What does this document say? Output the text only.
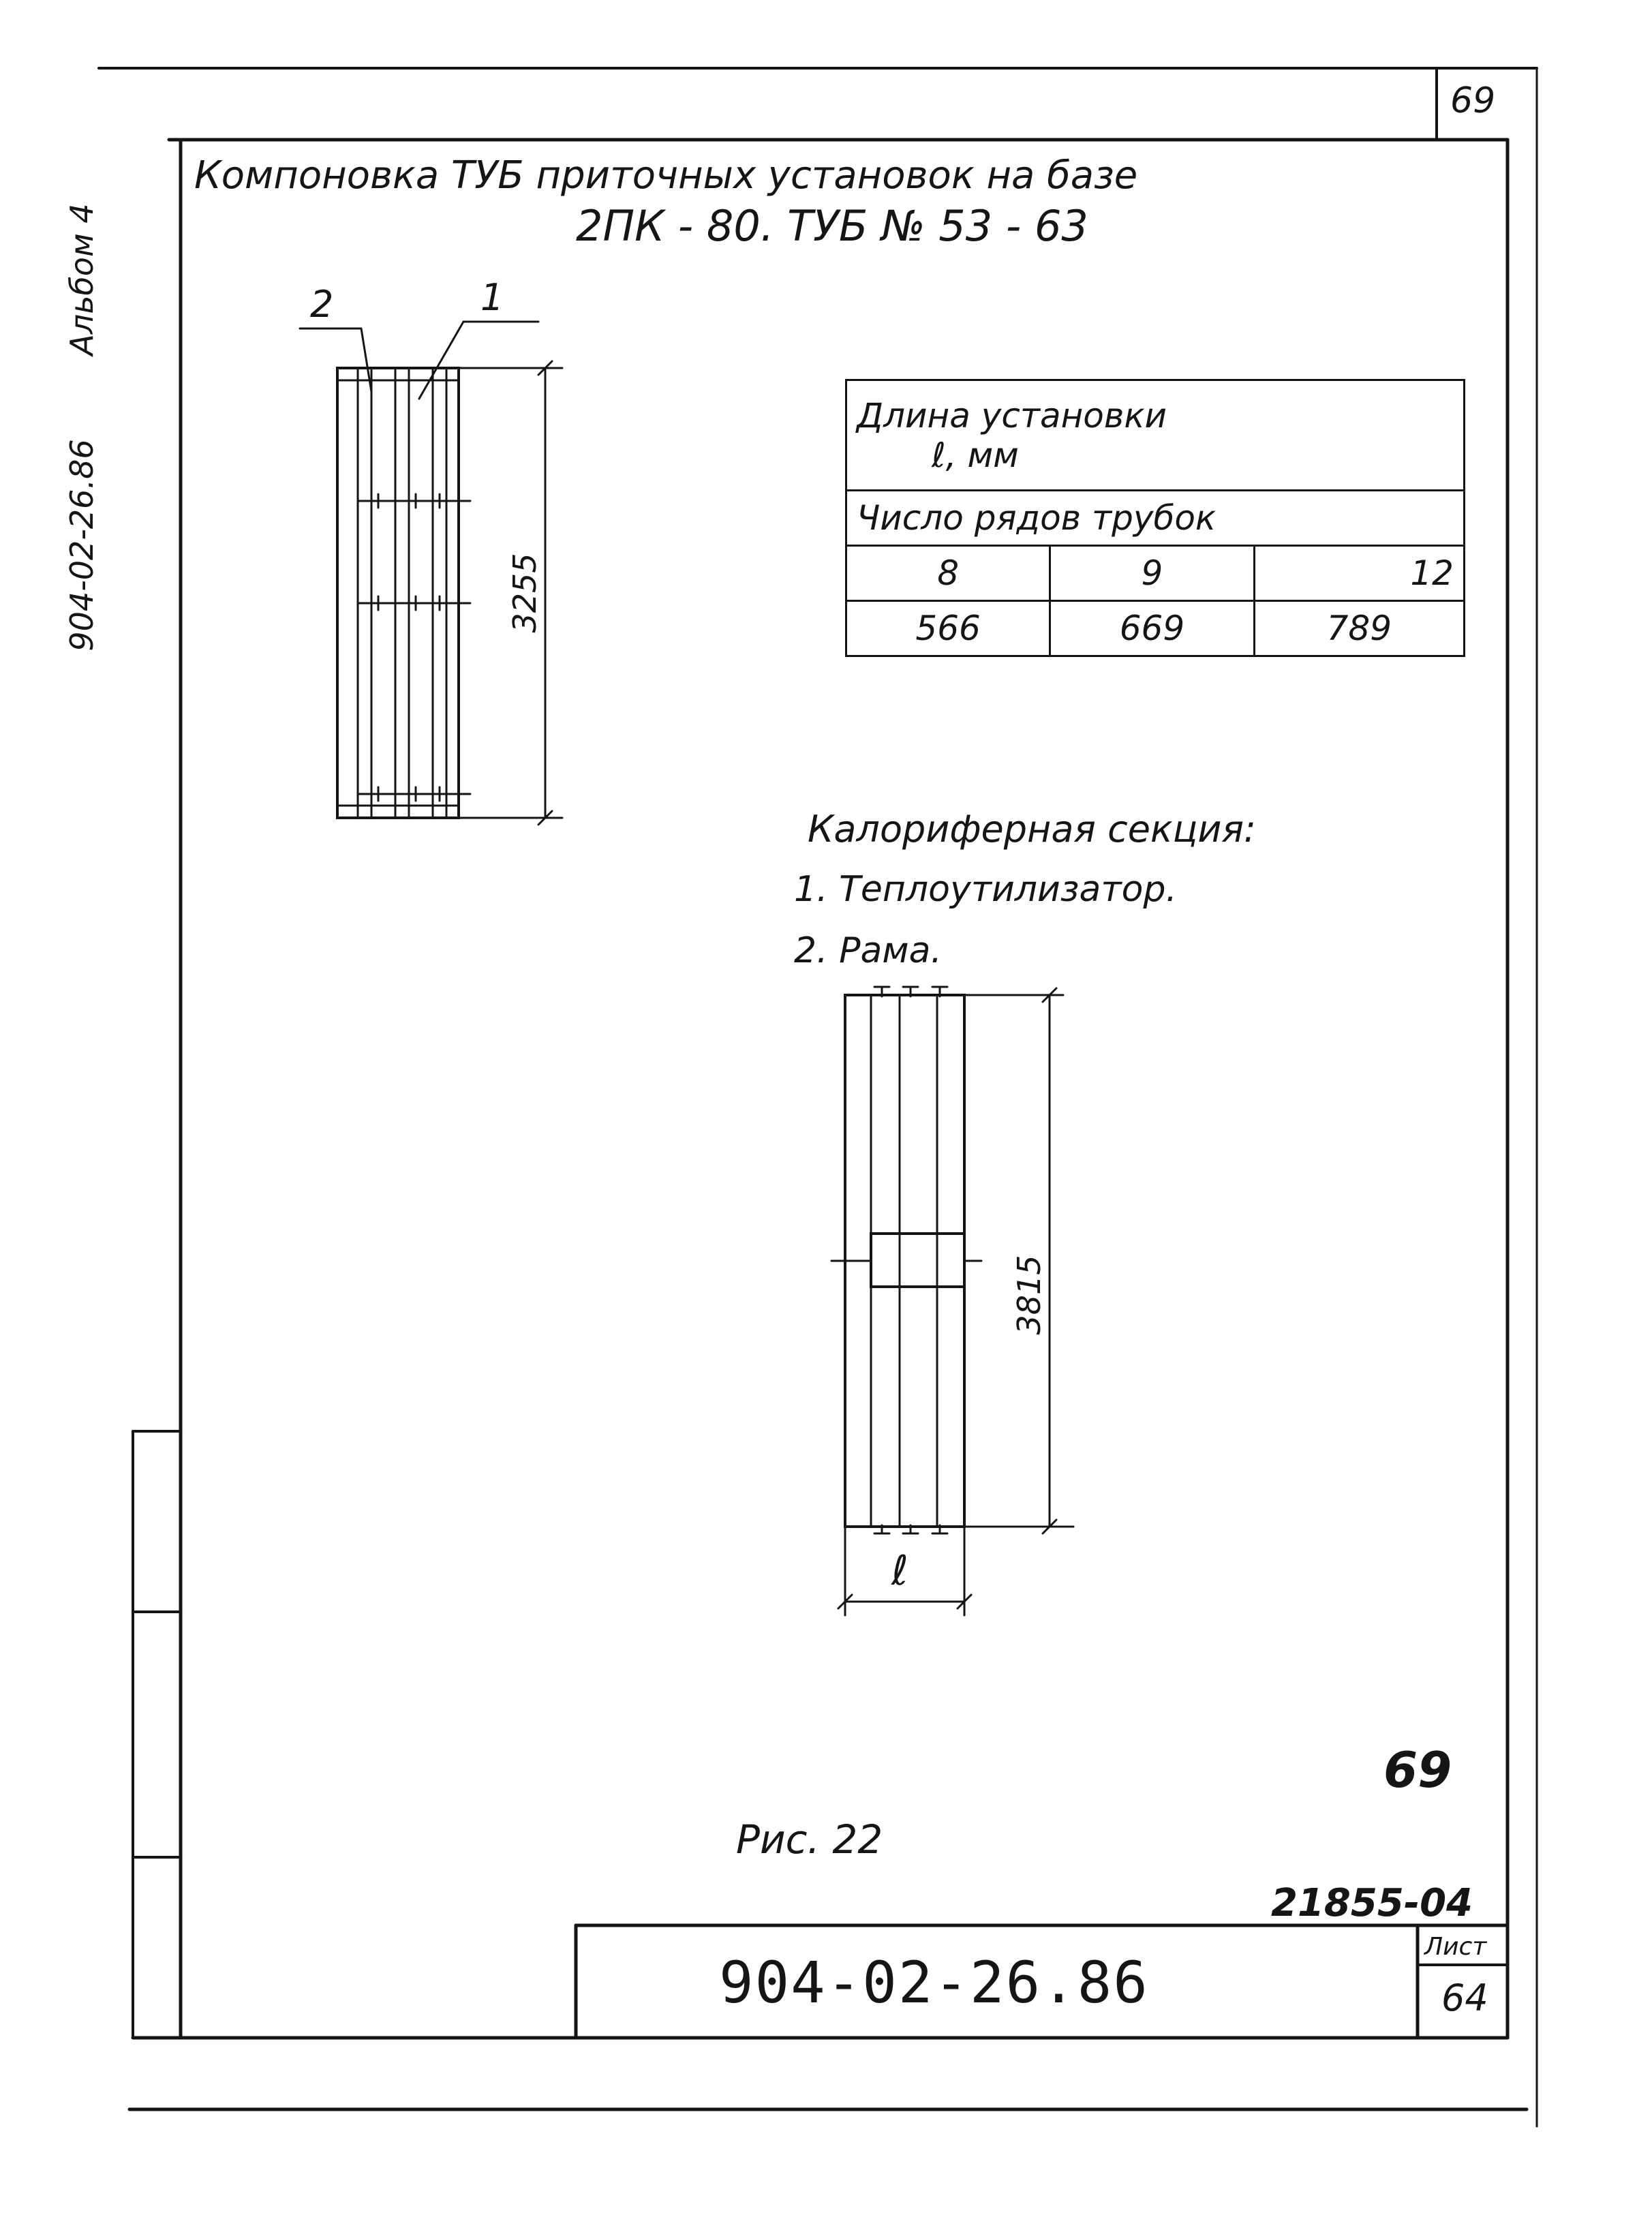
69
Компоновка ТУБ приточных установок на базе
2ПК - 80. ТУБ № 53 - 63
Альбом 4
904-02-26.86
2	1
3255
3815
ℓ
Длина установки
ℓ, мм		

Число рядов трубок		
8	9	12
566	669	789
Калориферная секция:
1. Теплоутилизатор.
2. Рама.
69
Рис. 22
21855-04
904-02-26.86
Лист
64
